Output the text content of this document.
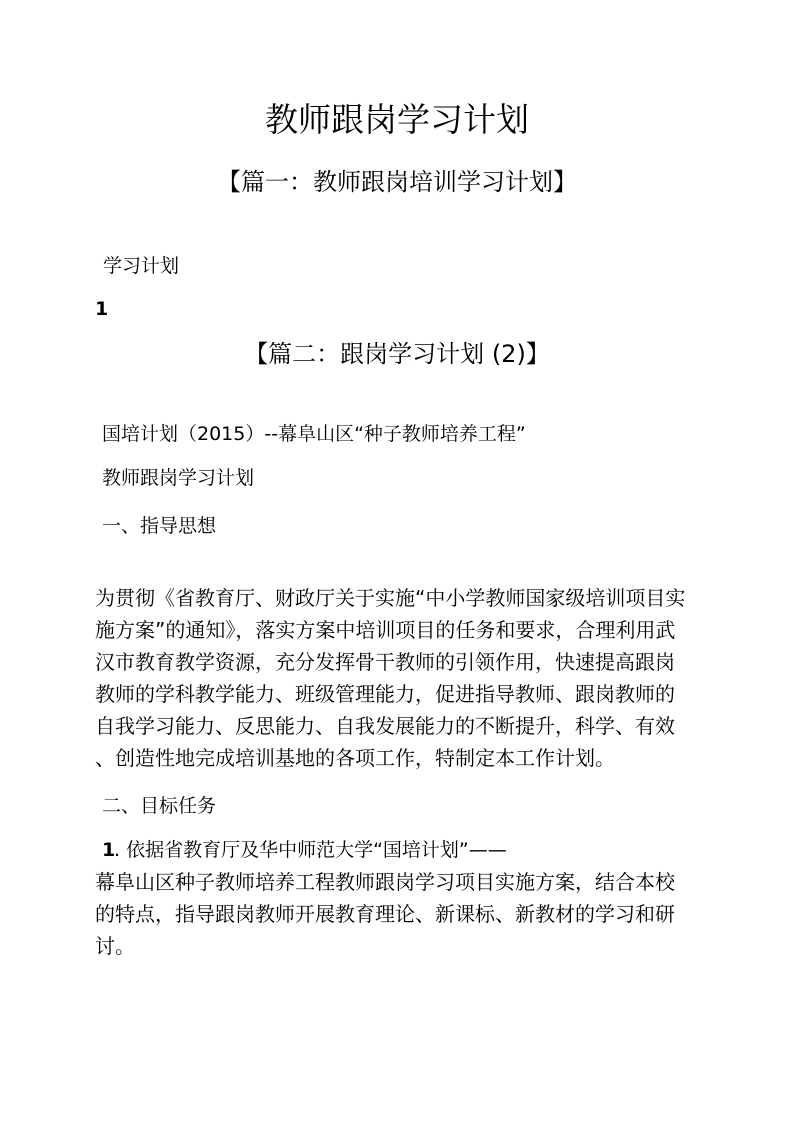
教师跟岗学习计划
【篇一：教师跟岗培训学习计划】
学习计划
1
【篇二：跟岗学习计划 (2)】
国培计划（2015）--幕阜山区“种子教师培养工程”
教师跟岗学习计划
一、指导思想
为贯彻《省教育厅、财政厅关于实施“中小学教师国家级培训项目实
施方案”的通知》，落实方案中培训项目的任务和要求，合理利用武
汉市教育教学资源，充分发挥骨干教师的引领作用，快速提高跟岗
教师的学科教学能力、班级管理能力，促进指导教师、跟岗教师的
自我学习能力、反思能力、自我发展能力的不断提升，科学、有效
、创造性地完成培训基地的各项工作，特制定本工作计划。
二、目标任务
1
. 依据省教育厅及华中师范大学“国培计划”——
幕阜山区种子教师培养工程教师跟岗学习项目实施方案，结合本校
的特点，指导跟岗教师开展教育理论、新课标、新教材的学习和研
讨。
